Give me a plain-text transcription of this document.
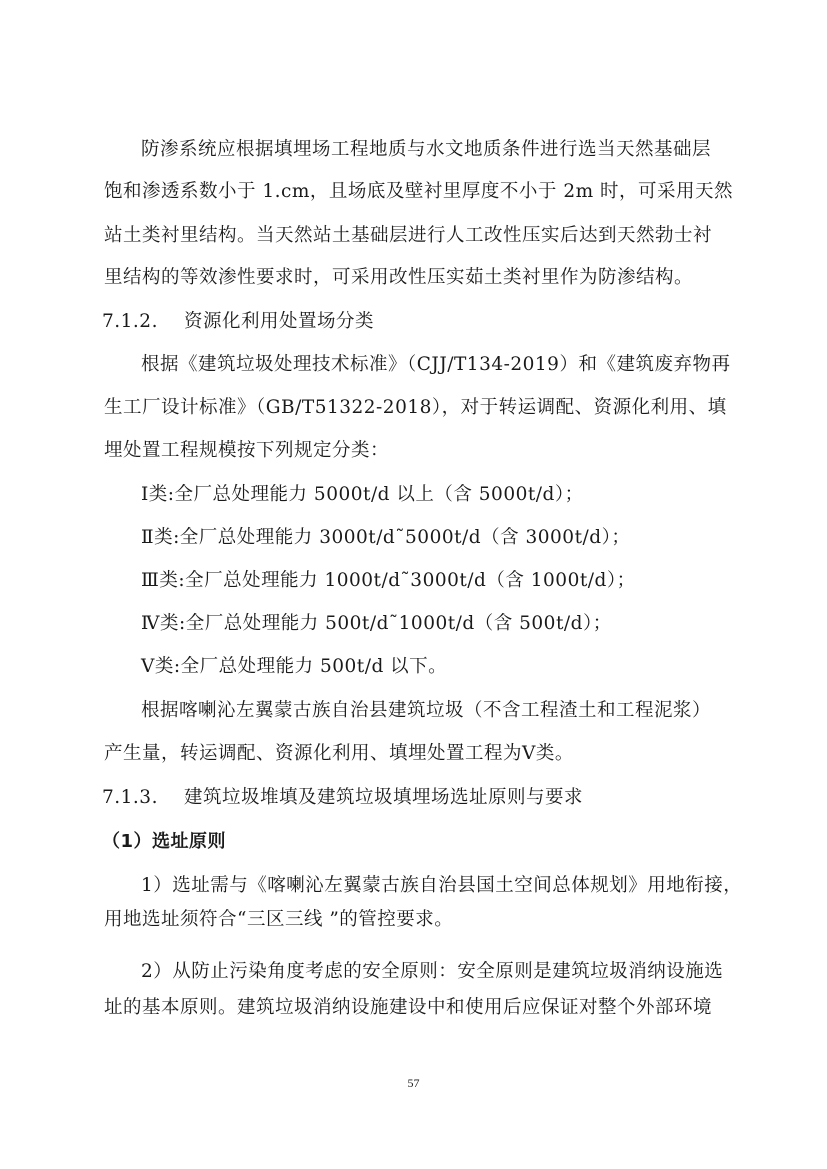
防渗系统应根据填埋场工程地质与水文地质条件进行选当天然基础层
饱和渗透系数小于 1.cm，且场底及壁衬里厚度不小于 2m 时，可采用天然
站土类衬里结构。当天然站土基础层进行人工改性压实后达到天然勃士衬
里结构的等效渗性要求时，可采用改性压实茹土类衬里作为防渗结构。
7.1.2. 资源化利用处置场分类
根据《建筑垃圾处理技术标准》（CJJ/T134-2019）和《建筑废弃物再
生工厂设计标准》（GB/T51322-2018），对于转运调配、资源化利用、填
埋处置工程规模按下列规定分类：
Ⅰ类:全厂总处理能力 5000t/d 以上（含 5000t/d）；
Ⅱ类:全厂总处理能力 3000t/d˜5000t/d（含 3000t/d）；
Ⅲ类:全厂总处理能力 1000t/d˜3000t/d（含 1000t/d）；
Ⅳ类:全厂总处理能力 500t/d˜1000t/d（含 500t/d）；
Ⅴ类:全厂总处理能力 500t/d 以下。
根据喀喇沁左翼蒙古族自治县建筑垃圾（不含工程渣土和工程泥浆）
产生量，转运调配、资源化利用、填埋处置工程为Ⅴ类。
7.1.3. 建筑垃圾堆填及建筑垃圾填埋场选址原则与要求
（1）选址原则
1）选址需与《喀喇沁左翼蒙古族自治县国土空间总体规划》用地衔接，
用地选址须符合“三区三线 ”的管控要求。
2）从防止污染角度考虑的安全原则：安全原则是建筑垃圾消纳设施选
址的基本原则。建筑垃圾消纳设施建设中和使用后应保证对整个外部环境
57
